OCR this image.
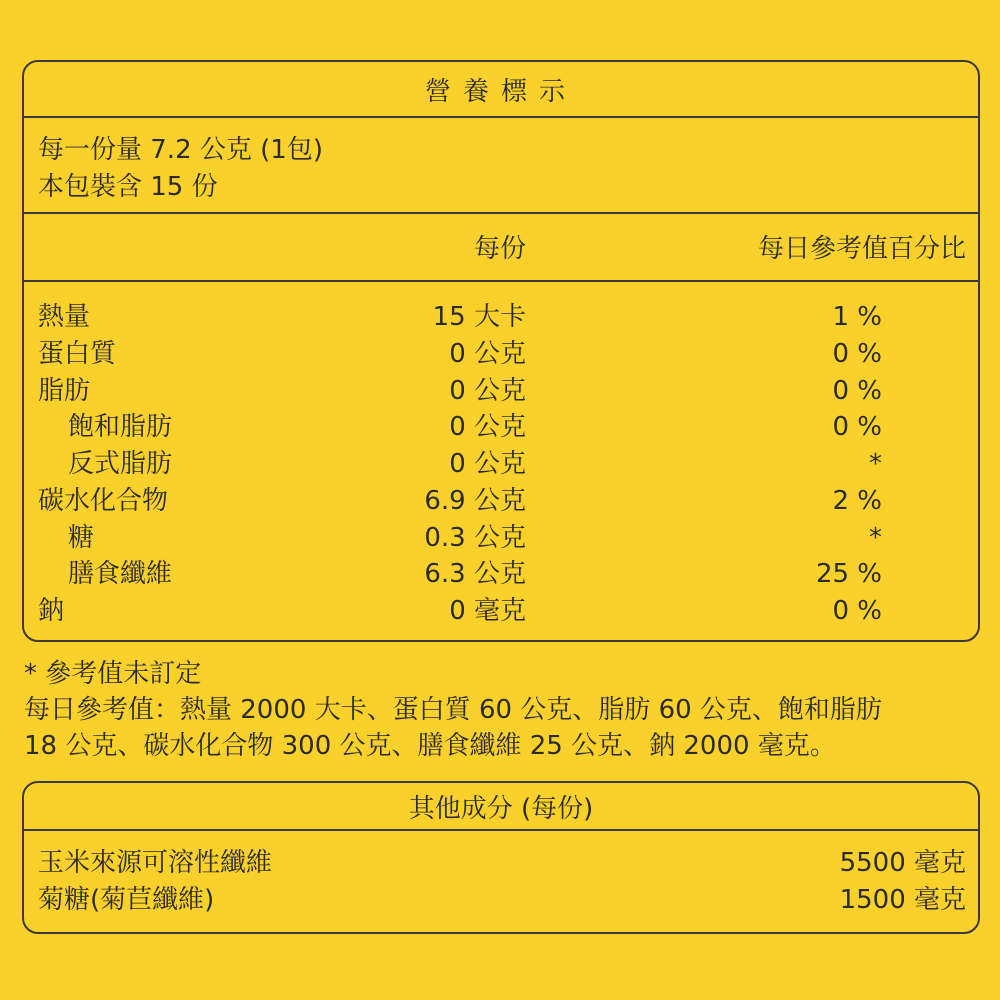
營養標示
每一份量 7.2 公克 (1包)
本包裝含 15 份
每份	每日參考值百分比
熱量	15 大卡	1 %
蛋白質	0 公克	0 %
脂肪	0 公克	0 %
飽和脂肪	0 公克	0 %
反式脂肪	0 公克	*
碳水化合物	6.9 公克	2 %
糖	0.3 公克	*
膳食纖維	6.3 公克	25 %
鈉	0 毫克	0 %
* 參考值未訂定
每日參考值：熱量 2000 大卡、蛋白質 60 公克、脂肪 60 公克、飽和脂肪
18 公克、碳水化合物 300 公克、膳食纖維 25 公克、鈉 2000 毫克。
其他成分 (每份)
玉米來源可溶性纖維	5500 毫克
菊糖(菊苣纖維)	1500 毫克
